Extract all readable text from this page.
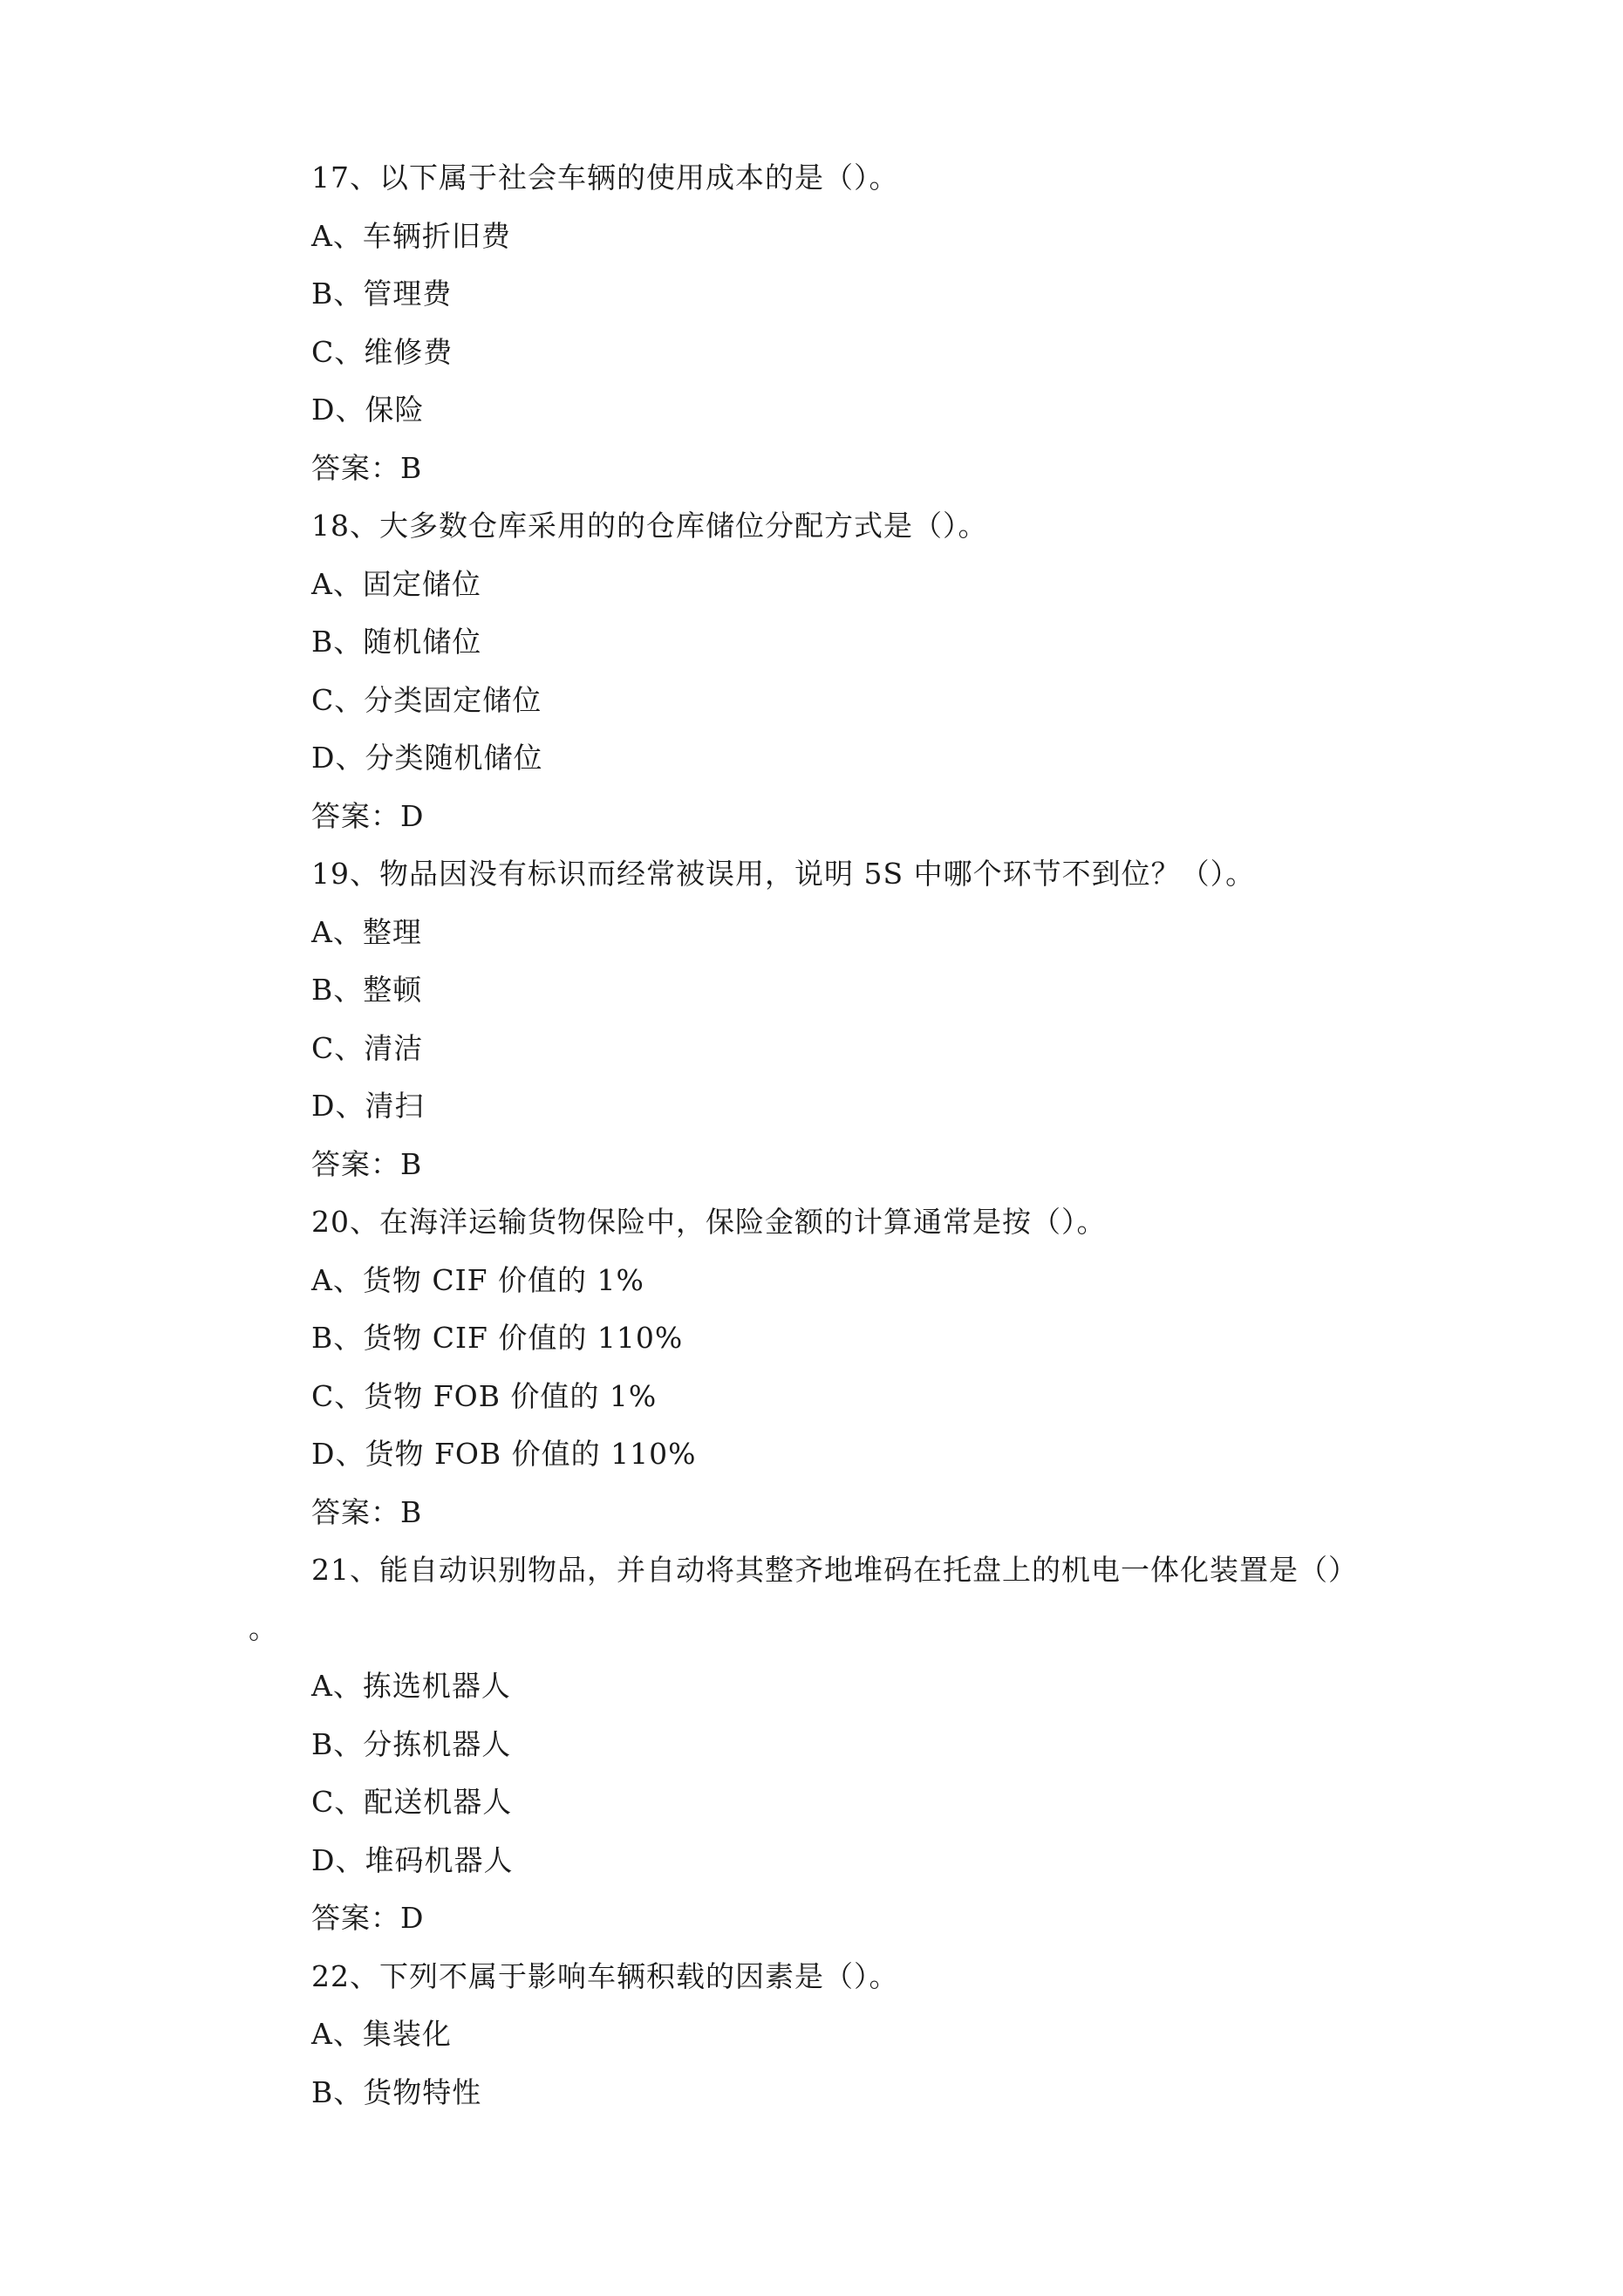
17、以下属于社会车辆的使用成本的是（）。
A、车辆折旧费
B、管理费
C、维修费
D、保险
答案：B
18、大多数仓库采用的的仓库储位分配方式是（）。
A、固定储位
B、随机储位
C、分类固定储位
D、分类随机储位
答案：D
19、物品因没有标识而经常被误用，说明 5S 中哪个环节不到位？（）。
A、整理
B、整顿
C、清洁
D、清扫
答案：B
20、在海洋运输货物保险中，保险金额的计算通常是按（）。
A、货物 CIF 价值的 1%
B、货物 CIF 价值的 110%
C、货物 FOB 价值的 1%
D、货物 FOB 价值的 110%
答案：B
21、能自动识别物品，并自动将其整齐地堆码在托盘上的机电一体化装置是（）
。
A、拣选机器人
B、分拣机器人
C、配送机器人
D、堆码机器人
答案：D
22、下列不属于影响车辆积载的因素是（）。
A、集装化
B、货物特性
